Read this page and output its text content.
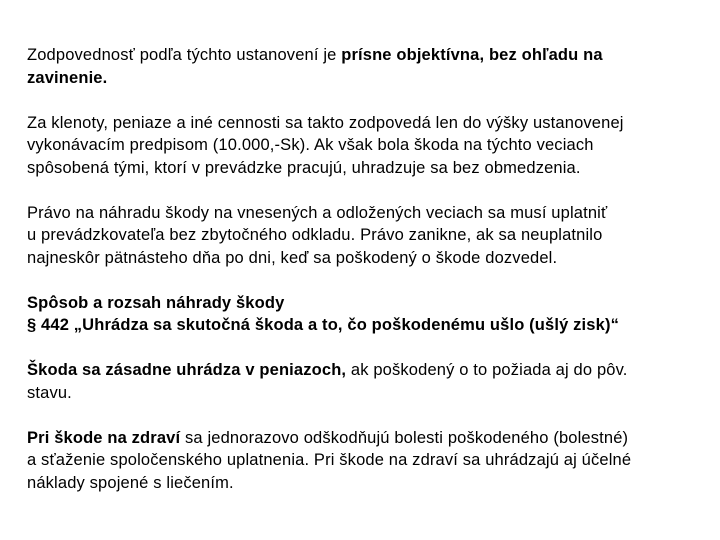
Zodpovednosť podľa týchto ustanovení je prísne objektívna, bez ohľadu na
zavinenie.

Za klenoty, peniaze a iné cennosti sa takto zodpovedá len do výšky ustanovenej
vykonávacím predpisom (10.000,-Sk). Ak však bola škoda na týchto veciach
spôsobená tými, ktorí v prevádzke pracujú, uhradzuje sa bez obmedzenia.

Právo na náhradu škody na vnesených a odložených veciach sa musí uplatniť
u prevádzkovateľa bez zbytočného odkladu. Právo zanikne, ak sa neuplatnilo
najneskôr pätnásteho dňa po dni, keď sa poškodený o škode dozvedel.

Spôsob a rozsah náhrady škody
§ 442 „Uhrádza sa skutočná škoda a to, čo poškodenému ušlo (ušlý zisk)“

Škoda sa zásadne uhrádza v peniazoch, ak poškodený o to požiada aj do pôv.
stavu.

Pri škode na zdraví sa jednorazovo odškodňujú bolesti poškodeného (bolestné)
a sťaženie spoločenského uplatnenia. Pri škode na zdraví sa uhrádzajú aj účelné
náklady spojené s liečením.
